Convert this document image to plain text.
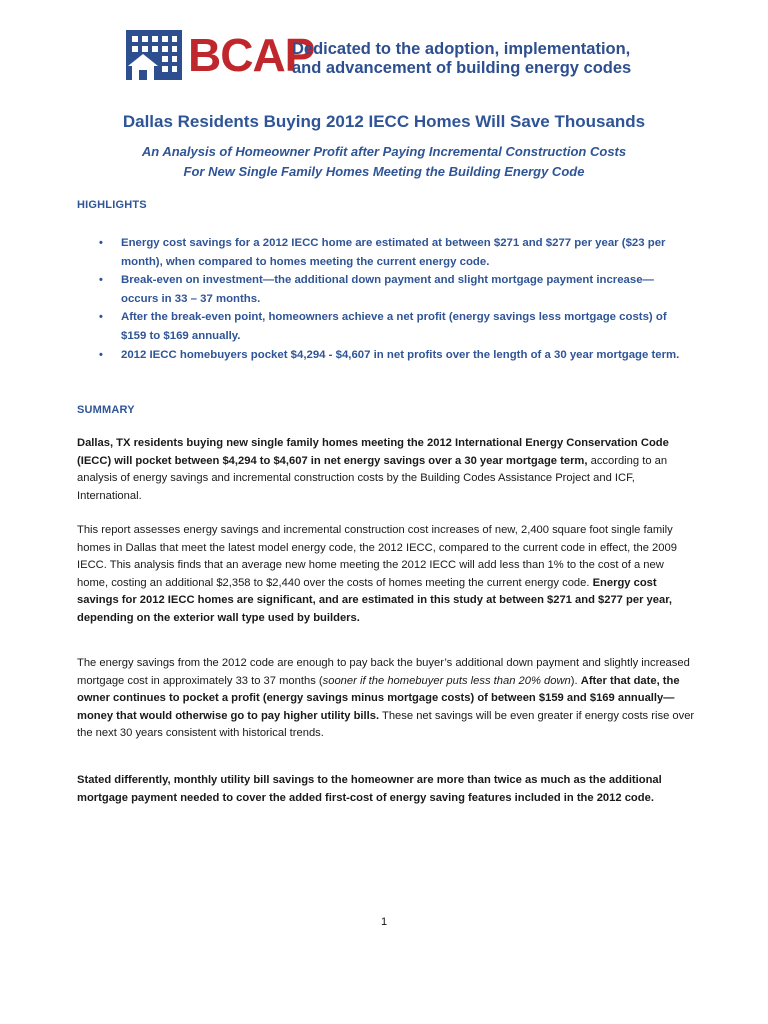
BCAP
Dedicated to the adoption, implementation,
and advancement of building energy codes
Dallas Residents Buying 2012 IECC Homes Will Save Thousands
An Analysis of Homeowner Profit after Paying Incremental Construction Costs
For New Single Family Homes Meeting the Building Energy Code
HIGHLIGHTS
• Energy cost savings for a 2012 IECC home are estimated at between $271 and $277 per year ($23 per month), when compared to homes meeting the current energy code.
• Break-even on investment—the additional down payment and slight mortgage payment increase—occurs in 33 – 37 months.
• After the break-even point, homeowners achieve a net profit (energy savings less mortgage costs) of $159 to $169 annually.
• 2012 IECC homebuyers pocket $4,294 - $4,607 in net profits over the length of a 30 year mortgage term.
SUMMARY

Dallas, TX residents buying new single family homes meeting the 2012 International Energy Conservation Code (IECC) will pocket between $4,294 to $4,607 in net energy savings over a 30 year mortgage term, according to an analysis of energy savings and incremental construction costs by the Building Codes Assistance Project and ICF, International.

This report assesses energy savings and incremental construction cost increases of new, 2,400 square foot single family homes in Dallas that meet the latest model energy code, the 2012 IECC, compared to the current code in effect, the 2009 IECC. This analysis finds that an average new home meeting the 2012 IECC will add less than 1% to the cost of a new home, costing an additional $2,358 to $2,440 over the costs of homes meeting the current energy code. Energy cost savings for 2012 IECC homes are significant, and are estimated in this study at between $271 and $277 per year, depending on the exterior wall type used by builders.

The energy savings from the 2012 code are enough to pay back the buyer’s additional down payment and slightly increased mortgage cost in approximately 33 to 37 months (sooner if the homebuyer puts less than 20% down). After that date, the owner continues to pocket a profit (energy savings minus mortgage costs) of between $159 and $169 annually—money that would otherwise go to pay higher utility bills. These net savings will be even greater if energy costs rise over the next 30 years consistent with historical trends.

Stated differently, monthly utility bill savings to the homeowner are more than twice as much as the additional mortgage payment needed to cover the added first-cost of energy saving features included in the 2012 code.

1
